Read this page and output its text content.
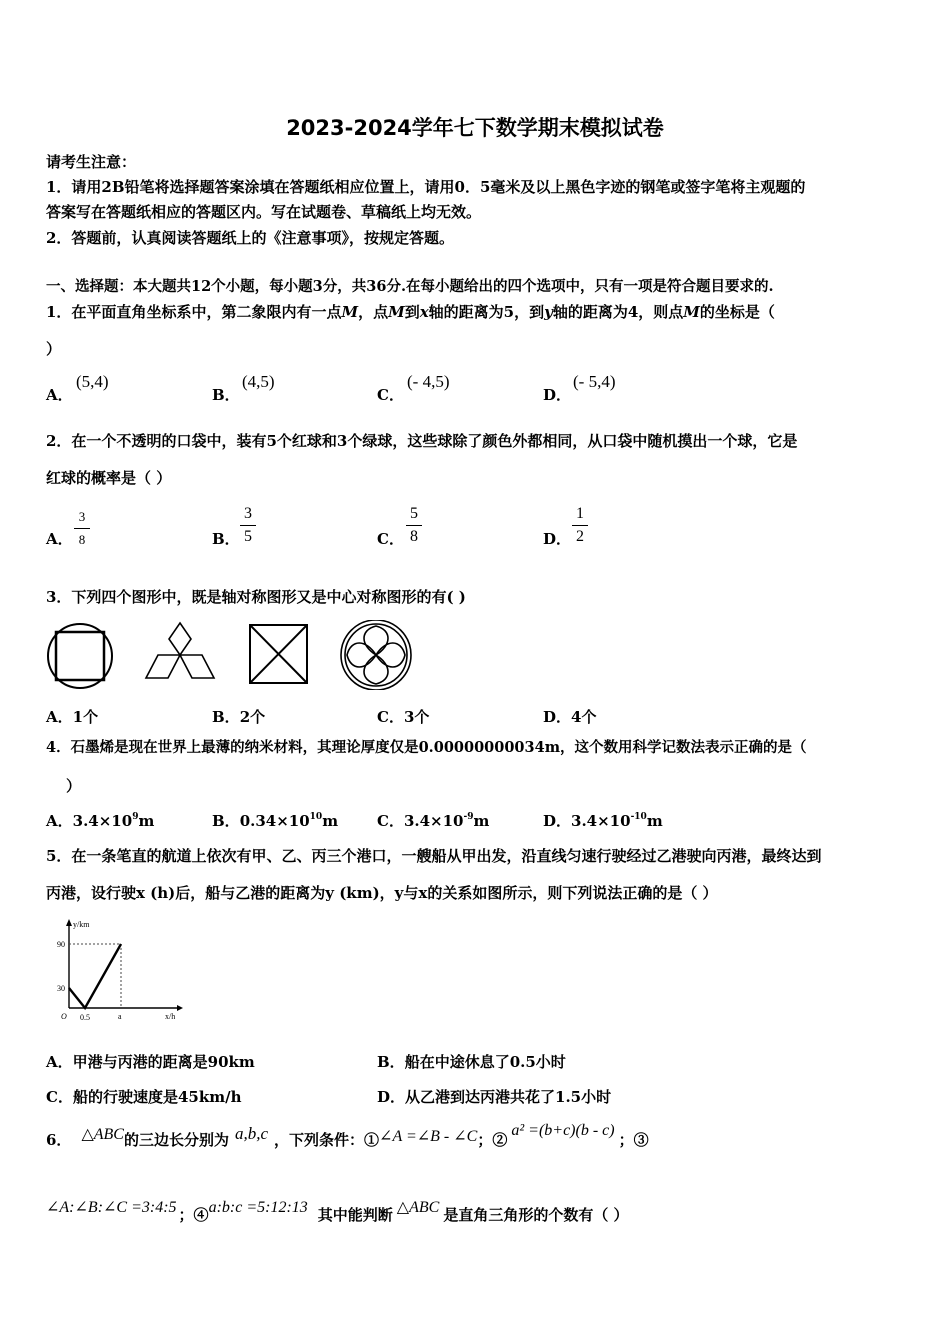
2023-2024学年七下数学期末模拟试卷
请考生注意：
1．请用2B铅笔将选择题答案涂填在答题纸相应位置上，请用0．5毫米及以上黑色字迹的钢笔或签字笔将主观题的
答案写在答题纸相应的答题区内。写在试题卷、草稿纸上均无效。
2．答题前，认真阅读答题纸上的《注意事项》，按规定答题。
一、选择题：本大题共12个小题，每小题3分，共36分.在每小题给出的四个选项中，只有一项是符合题目要求的.
1．在平面直角坐标系中，第二象限内有一点M，点M到x轴的距离为5，到y轴的距离为4，则点M的坐标是（
）
A．
(5,4)
B．
(4,5)
C．
(- 4,5)
D．
(- 5,4)
2．在一个不透明的口袋中，装有5个红球和3个绿球，这些球除了颜色外都相同，从口袋中随机摸出一个球，它是
红球的概率是（ ）
A．
3
8	B．
3
5	C．
5
8	D．
1
2
3．下列四个图形中，既是轴对称图形又是中心对称图形的有( )
A．1个	B．2个	C．3个	D．4个
4．石墨烯是现在世界上最薄的纳米材料，其理论厚度仅是0.00000000034m，这个数用科学记数法表示正确的是（
）
A．$3.4\times 10^9m$	B．$0.34\times 10^{10}m$	C．$3.4\times 10^{-9}m$	D．$3.4\times 10^{-10}m$
5．在一条笔直的航道上依次有甲、乙、丙三个港口，一艘船从甲出发，沿直线匀速行驶经过乙港驶向丙港，最终达到
丙港，设行驶x (h)后，船与乙港的距离为y (km)，y与x的关系如图所示，则下列说法正确的是（ ）
y/km
x/h
90
30
O 0.5	a
A．甲港与丙港的距离是90km	B．船在中途休息了0.5小时
C．船的行驶速度是45km/h	D．从乙港到达丙港共花了1.5小时
6． △ABC的三边长分别为 a,b,c ，下列条件：①∠A =∠B - ∠C；②a² =(b+c)(b - c)；③
∠A:∠B:∠C =3:4:5 ；④a:b:c =5:12:13 其中能判断 △ABC 是直角三角形的个数有（ ）
